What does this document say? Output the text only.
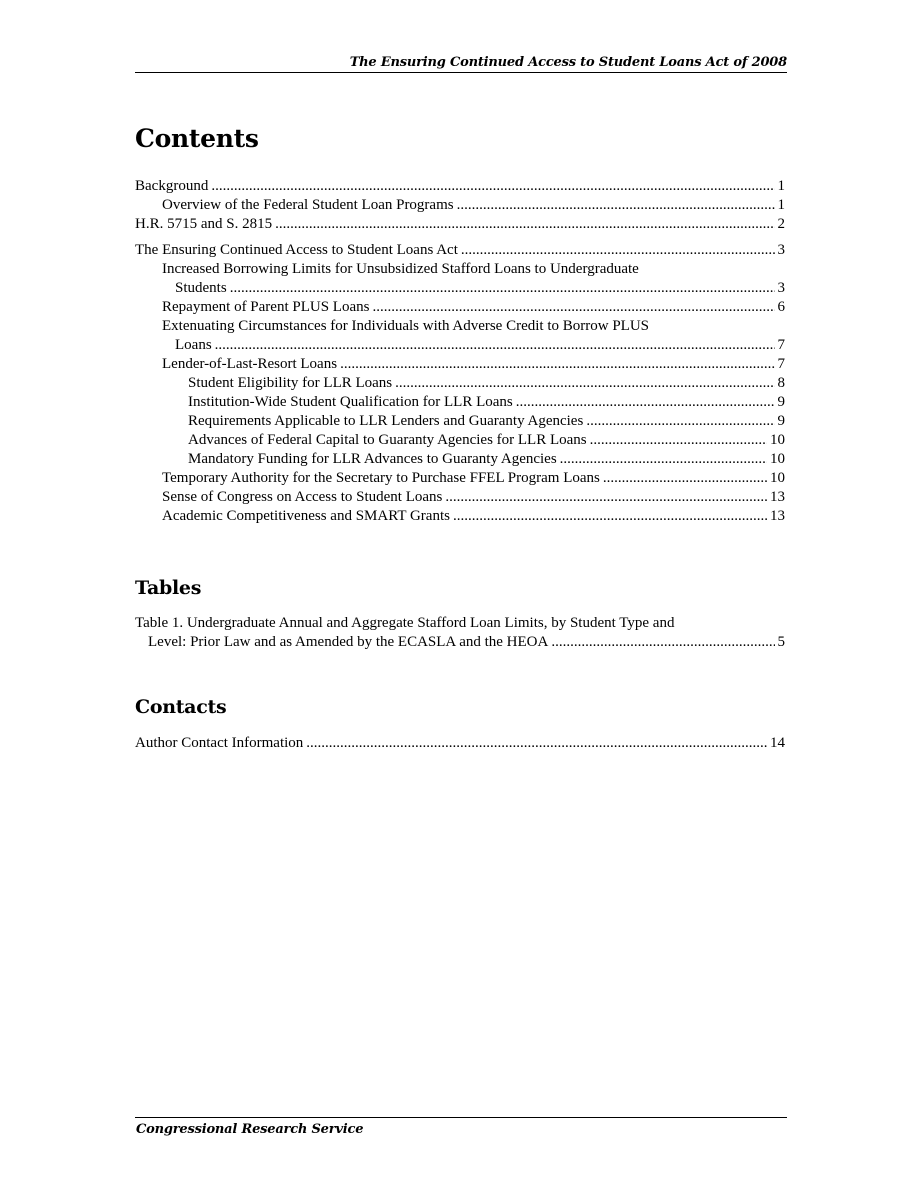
The Ensuring Continued Access to Student Loans Act of 2008
Contents
Background .....	1
Overview of the Federal Student Loan Programs .....	1
H.R. 5715 and S. 2815 .....	2
The Ensuring Continued Access to Student Loans Act .....	3
Increased Borrowing Limits for Unsubsidized Stafford Loans to Undergraduate
Students .....	3
Repayment of Parent PLUS Loans .....	6
Extenuating Circumstances for Individuals with Adverse Credit to Borrow PLUS
Loans .....	7
Lender-of-Last-Resort Loans .....	7
Student Eligibility for LLR Loans .....	8
Institution-Wide Student Qualification for LLR Loans .....	9
Requirements Applicable to LLR Lenders and Guaranty Agencies .....	9
Advances of Federal Capital to Guaranty Agencies for LLR Loans .....	10
Mandatory Funding for LLR Advances to Guaranty Agencies .....	10
Temporary Authority for the Secretary to Purchase FFEL Program Loans .....	10
Sense of Congress on Access to Student Loans .....	13
Academic Competitiveness and SMART Grants .....	13
Tables
Table 1. Undergraduate Annual and Aggregate Stafford Loan Limits, by Student Type and
Level: Prior Law and as Amended by the ECASLA and the HEOA .....	5
Contacts
Author Contact Information .....	14
Congressional Research Service
